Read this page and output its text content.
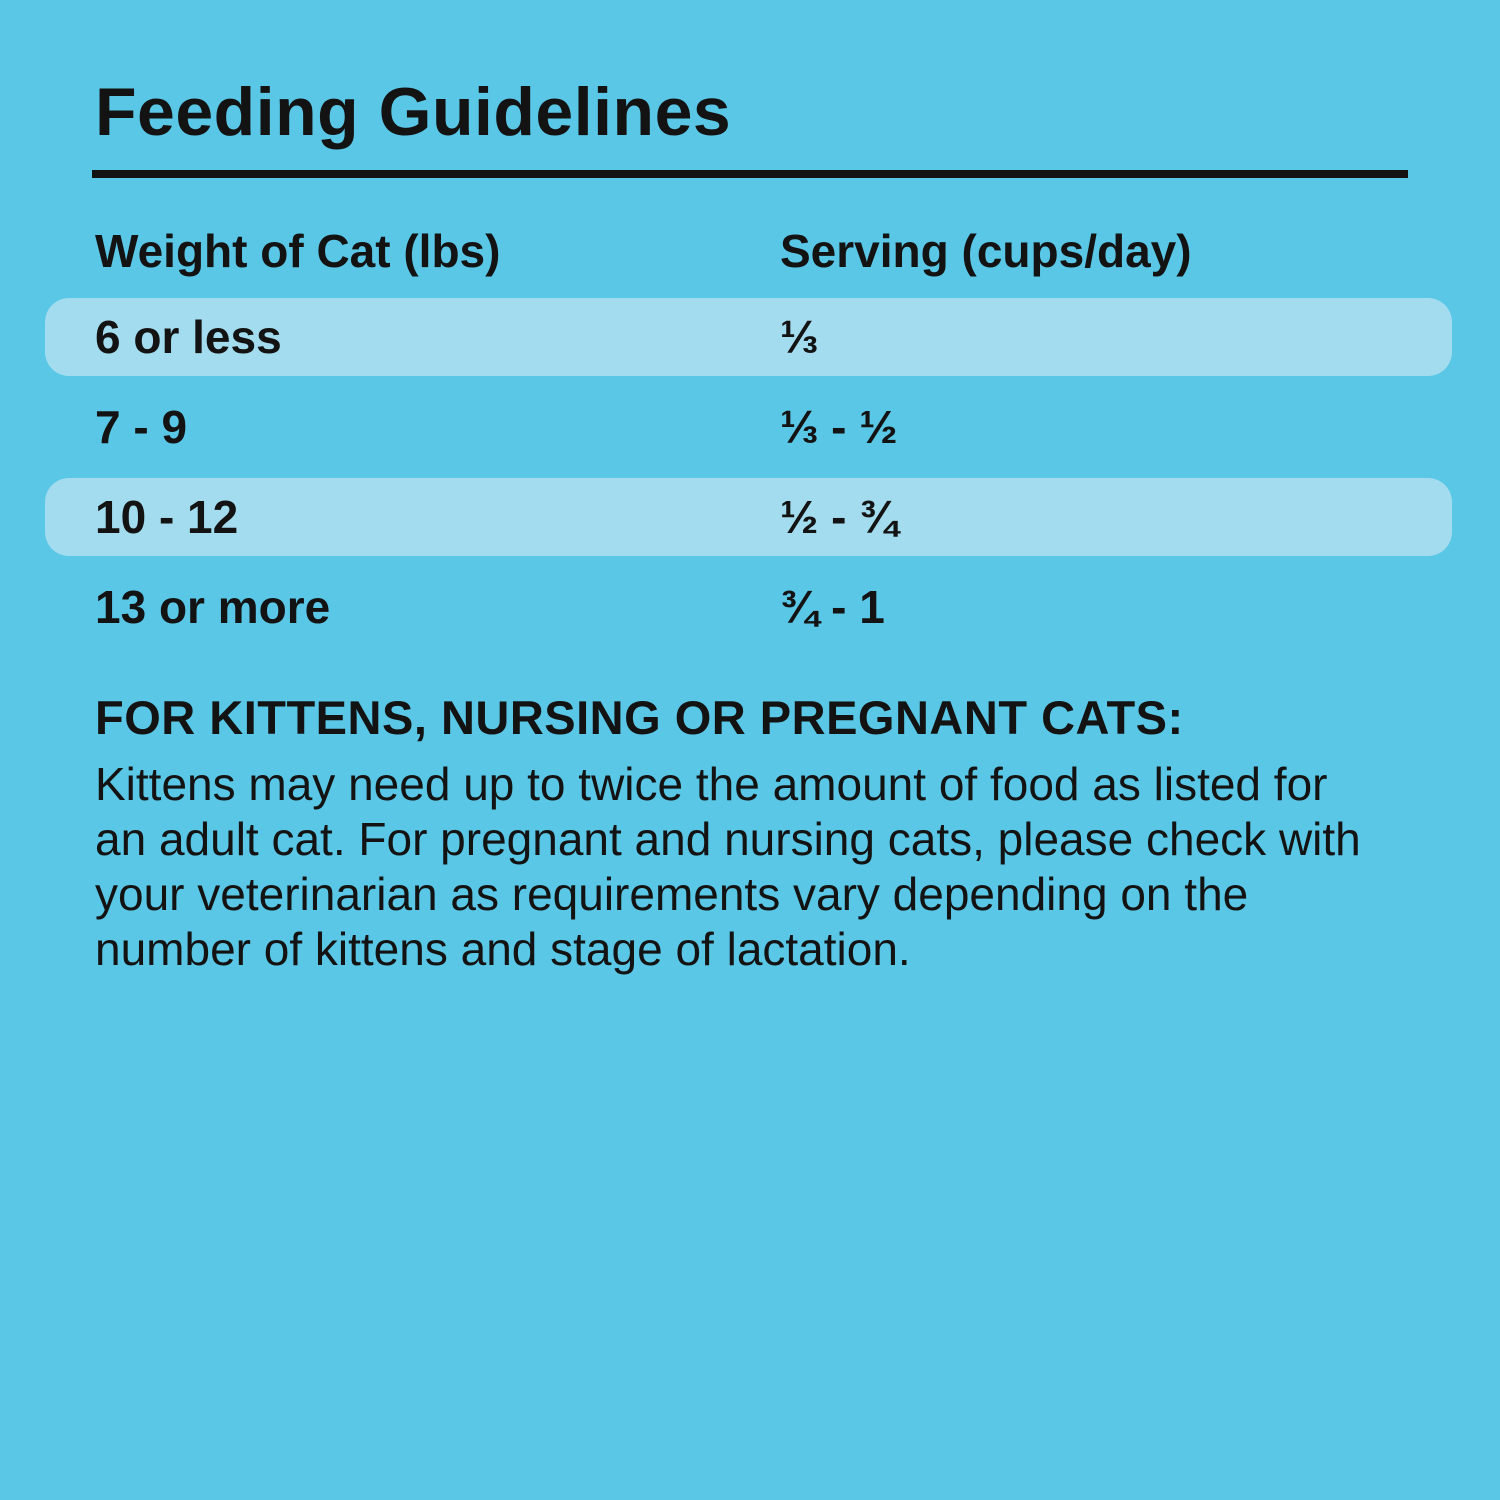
Feeding Guidelines
Weight of Cat (lbs)	Serving (cups/day)
6 or less	⅓
7 - 9	⅓ - ½
10 - 12	½ - ¾
13 or more	¾ - 1
FOR KITTENS, NURSING OR PREGNANT CATS:
Kittens may need up to twice the amount of food as listed for an adult cat. For pregnant and nursing cats, please check with your veterinarian as requirements vary depending on the number of kittens and stage of lactation.
